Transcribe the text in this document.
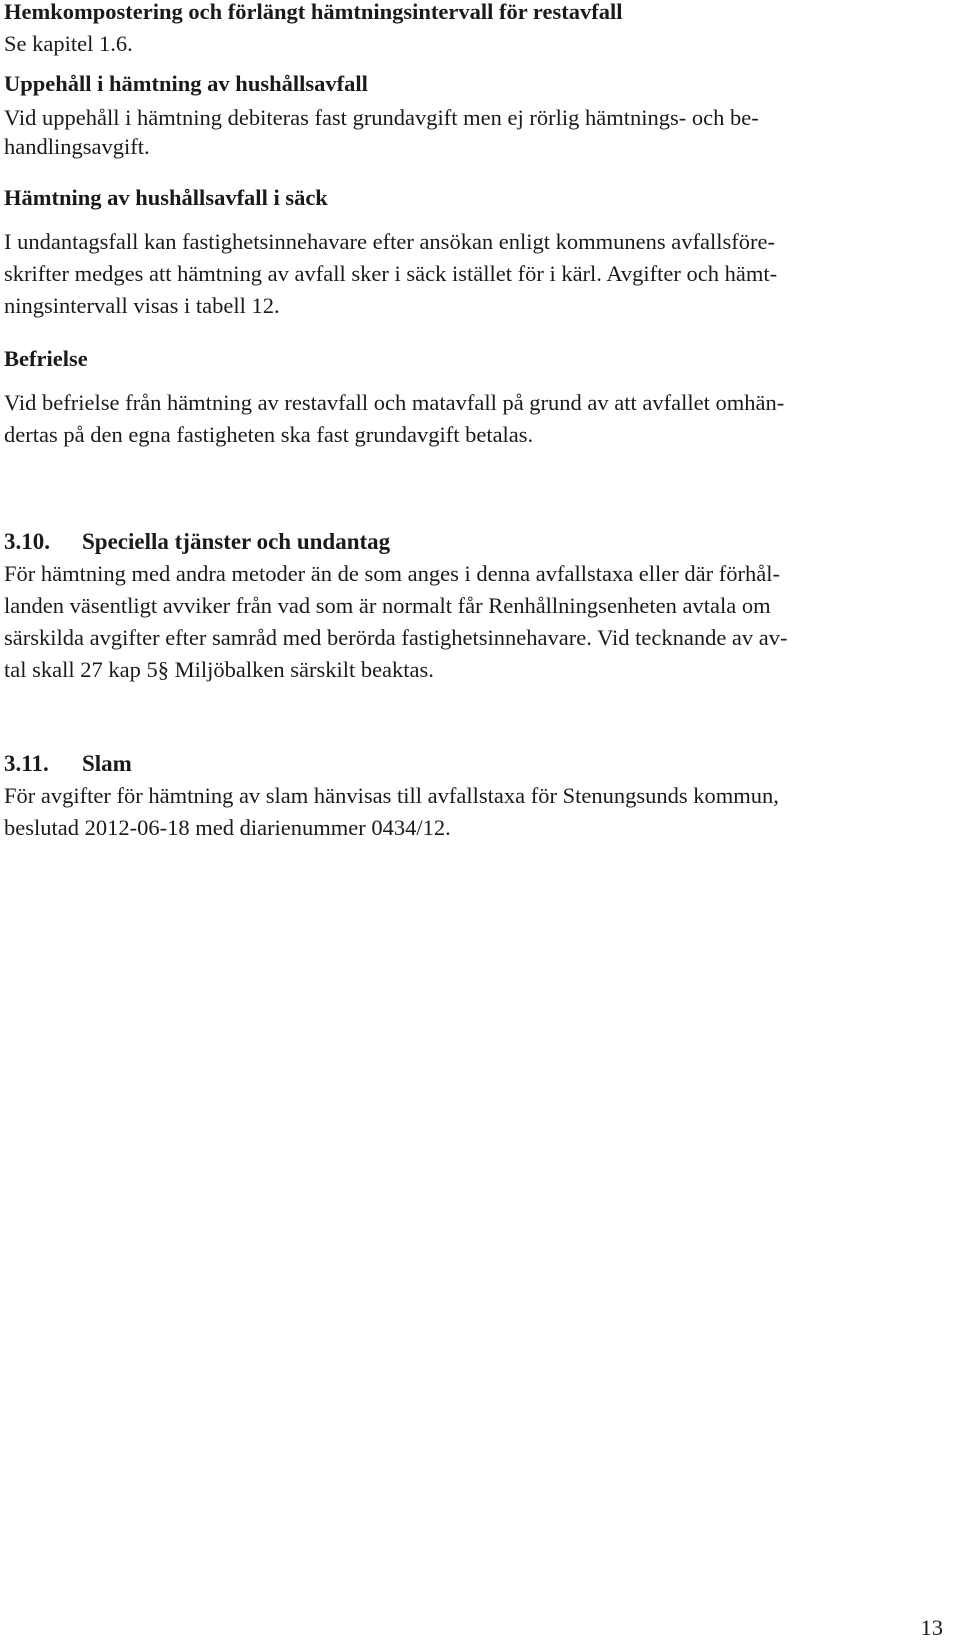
Hemkompostering och förlängt hämtningsintervall för restavfall
Se kapitel 1.6.
Uppehåll i hämtning av hushållsavfall
Vid uppehåll i hämtning debiteras fast grundavgift men ej rörlig hämtnings- och be-
handlingsavgift.
Hämtning av hushållsavfall i säck
I undantagsfall kan fastighetsinnehavare efter ansökan enligt kommunens avfallsföre-
skrifter medges att hämtning av avfall sker i säck istället för i kärl. Avgifter och hämt-
ningsintervall visas i tabell 12.
Befrielse
Vid befrielse från hämtning av restavfall och matavfall på grund av att avfallet omhän-
dertas på den egna fastigheten ska fast grundavgift betalas.
3.10. Speciella tjänster och undantag
För hämtning med andra metoder än de som anges i denna avfallstaxa eller där förhål-
landen väsentligt avviker från vad som är normalt får Renhållningsenheten avtala om
särskilda avgifter efter samråd med berörda fastighetsinnehavare. Vid tecknande av av-
tal skall 27 kap 5§ Miljöbalken särskilt beaktas.
3.11. Slam
För avgifter för hämtning av slam hänvisas till avfallstaxa för Stenungsunds kommun,
beslutad 2012-06-18 med diarienummer 0434/12.
13
